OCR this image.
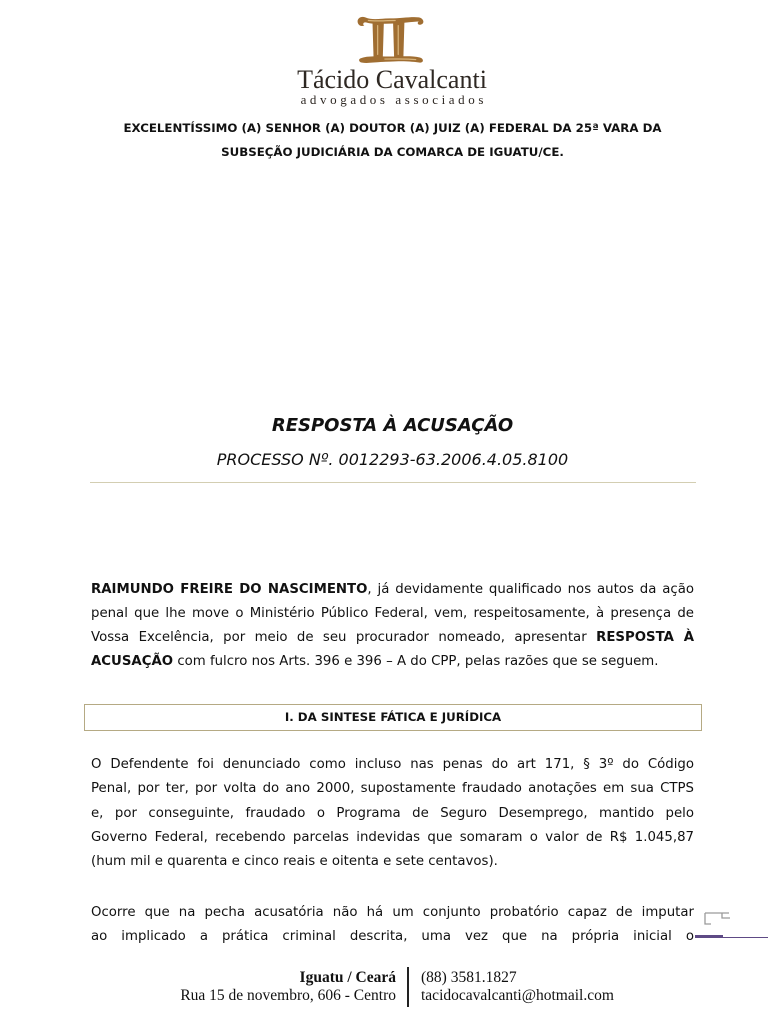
Tácido Cavalcanti
advogados associados
EXCELENTÍSSIMO (A) SENHOR (A) DOUTOR (A) JUIZ (A) FEDERAL DA 25ª VARA DA
SUBSEÇÃO JUDICIÁRIA DA COMARCA DE IGUATU/CE.
RESPOSTA À ACUSAÇÃO
PROCESSO Nº. 0012293-63.2006.4.05.8100
RAIMUNDO FREIRE DO NASCIMENTO, já devidamente qualificado nos autos da ação
penal que lhe move o Ministério Público Federal, vem, respeitosamente, à presença de
Vossa Excelência, por meio de seu procurador nomeado, apresentar RESPOSTA À
ACUSAÇÃO com fulcro nos Arts. 396 e 396 – A do CPP, pelas razões que se seguem.
I. DA SINTESE FÁTICA E JURÍDICA
O Defendente foi denunciado como incluso nas penas do art 171, § 3º do Código
Penal, por ter, por volta do ano 2000, supostamente fraudado anotações em sua CTPS
e, por conseguinte, fraudado o Programa de Seguro Desemprego, mantido pelo
Governo Federal, recebendo parcelas indevidas que somaram o valor de R$ 1.045,87
(hum mil e quarenta e cinco reais e oitenta e sete centavos).
Ocorre que na pecha acusatória não há um conjunto probatório capaz de imputar
ao implicado a prática criminal descrita, uma vez que na própria inicial o
Iguatu / Ceará
Rua 15 de novembro, 606 - Centro
(88) 3581.1827
tacidocavalcanti@hotmail.com
